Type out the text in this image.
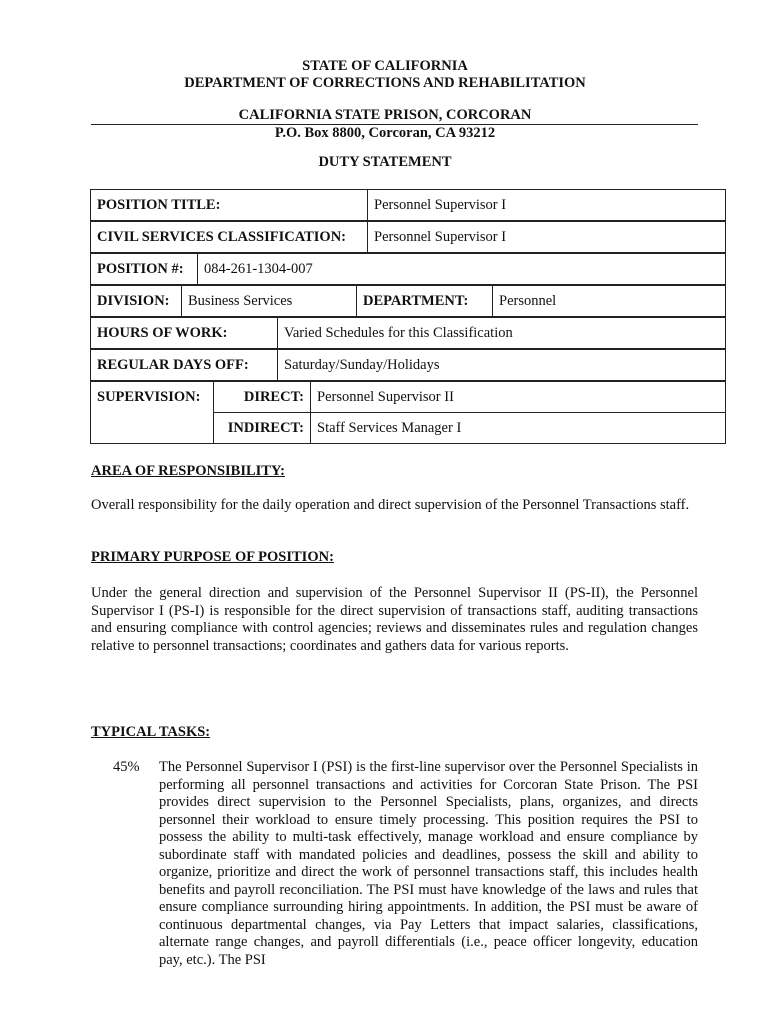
STATE OF CALIFORNIA
DEPARTMENT OF CORRECTIONS AND REHABILITATION
CALIFORNIA STATE PRISON, CORCORAN
P.O. Box 8800, Corcoran, CA 93212
DUTY STATEMENT
POSITION TITLE:	Personnel Supervisor I
CIVIL SERVICES CLASSIFICATION:	Personnel Supervisor I
POSITION #:	084-261-1304-007
DIVISION:	Business Services	DEPARTMENT:	Personnel
HOURS OF WORK:	Varied Schedules for this Classification
REGULAR DAYS OFF:	Saturday/Sunday/Holidays
SUPERVISION:	DIRECT:	Personnel Supervisor II
	INDIRECT:	Staff Services Manager I
AREA OF RESPONSIBILITY:
Overall responsibility for the daily operation and direct supervision of the Personnel Transactions staff.
PRIMARY PURPOSE OF POSITION:
Under the general direction and supervision of the Personnel Supervisor II (PS-II), the Personnel Supervisor I (PS-I) is responsible for the direct supervision of transactions staff, auditing transactions and ensuring compliance with control agencies; reviews and disseminates rules and regulation changes relative to personnel transactions; coordinates and gathers data for various reports.
TYPICAL TASKS:
45% The Personnel Supervisor I (PSI) is the first-line supervisor over the Personnel Specialists in performing all personnel transactions and activities for Corcoran State Prison. The PSI provides direct supervision to the Personnel Specialists, plans, organizes, and directs personnel their workload to ensure timely processing. This position requires the PSI to possess the ability to multi-task effectively, manage workload and ensure compliance by subordinate staff with mandated policies and deadlines, possess the skill and ability to organize, prioritize and direct the work of personnel transactions staff, this includes health benefits and payroll reconciliation. The PSI must have knowledge of the laws and rules that ensure compliance surrounding hiring appointments. In addition, the PSI must be aware of continuous departmental changes, via Pay Letters that impact salaries, classifications, alternate range changes, and payroll differentials (i.e., peace officer longevity, education pay, etc.). The PSI
